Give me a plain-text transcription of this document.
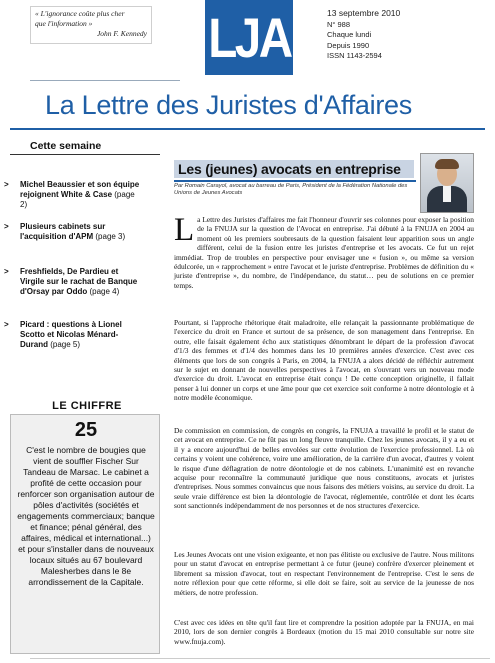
« L'ignorance coûte plus cher
que l'information »

John F. Kennedy LJA	13 septembre 2010
N° 988
Chaque lundi
Depuis 1990
ISSN 1143-2594
La Lettre des Juristes d'Affaires
Cette semaine
> Michel Beaussier et son équipe rejoignent White & Case (page 2)
> Plusieurs cabinets sur l'acquisition d'APM (page 3)
> Freshfields, De Pardieu et Virgile sur le rachat de Banque d'Orsay par Oddo (page 4)
> Picard : questions à Lionel Scotto et Nicolas Ménard-Durand (page 5)
LE CHIFFRE
25
C'est le nombre de bougies que vient de souffler Fischer Sur Tandeau de Marsac. Le cabinet a profité de cette occasion pour renforcer son organisation autour de pôles d'activités (sociétés et engagements commerciaux; banque et finance; pénal général, des affaires, médical et international...) et pour s'installer dans de nouveaux locaux situés au 67 boulevard Malesherbes dans le 8e arrondissement de la Capitale.
Les (jeunes) avocats en entreprise
Par Romain Carayol, avocat au barreau de Paris, Président de la Fédération Nationale des Unions de Jeunes Avocats
La Lettre des Juristes d'affaires me fait l'honneur d'ouvrir ses colonnes pour exposer la position de la FNUJA sur la question de l'Avocat en entreprise. J'ai débuté à la FNUJA en 2004 au moment où les premiers soubresauts de la question faisaient leur apparition sous un angle différent, celui de la fusion entre les juristes d'entreprise et les avocats. Ce fut un rejet immédiat. Trop de troubles en perspective pour envisager une « fusion », ou même sa version édulcorée, un « rapprochement » entre l'avocat et le juriste d'entreprise. Problèmes de définition du « juriste d'entreprise », du nombre, de l'indépendance, du statut… peu de solutions en ce premier temps.
Pourtant, si l'approche rhétorique était maladroite, elle relançait la passionnante problématique de l'exercice du droit en France et surtout de sa présence, de son management dans l'entreprise. En outre, elle faisait également écho aux statistiques dénombrant le départ de la profession d'avocat d'1/3 des femmes et d'1/4 des hommes dans les 10 premières années d'exercice. C'est avec ces éléments que lors de son congrès à Paris, en 2004, la FNUJA a alors décidé de réfléchir autrement sur le sujet en donnant de nouvelles perspectives à l'avocat, en s'ouvrant vers un nouveau mode d'exercice du droit. L'avocat en entreprise était conçu ! De cette conception originelle, il fallait penser à lui donner un corps et une âme pour que cet exercice soit conforme à notre déontologie et à notre modèle économique.
De commission en commission, de congrès en congrès, la FNUJA a travaillé le profil et le statut de cet avocat en entreprise. Ce ne fût pas un long fleuve tranquille. Chez les jeunes avocats, il y a eu et il y a encore aujourd'hui de belles envolées sur cette évolution de l'exercice professionnel. Là où certains y voient une cohérence, voire une amélioration, de la carrière d'un avocat, d'autres y voient le risque d'une déflagration de notre déontologie et de nos cabinets. L'unanimité est en revanche acquise pour reconnaître la communauté juridique que nous constituons, avocats et juristes d'entreprises. Nous sommes convaincus que nous faisons des métiers voisins, au service du droit. La seule vraie différence est bien la déontologie de l'avocat, réglementée, contrôlée et dont les écarts sont sanctionnés indépendamment de nos personnes et de nos structures d'exercice.
Les Jeunes Avocats ont une vision exigeante, et non pas élitiste ou exclusive de l'autre. Nous militons pour un statut d'avocat en entreprise permettant à ce futur (jeune) confrère d'exercer pleinement et librement sa mission d'avocat, tout en respectant l'environnement de l'entreprise. C'est le sens de notre réflexion pour que cette réforme, si elle doit se faire, soit au service de la jeunesse de nos métiers, de notre profession.
C'est avec ces idées en tête qu'il faut lire et comprendre la position adoptée par la FNUJA, en mai 2010, lors de son dernier congrès à Bordeaux (motion du 15 mai 2010 consultable sur notre site www.fnuja.com).
